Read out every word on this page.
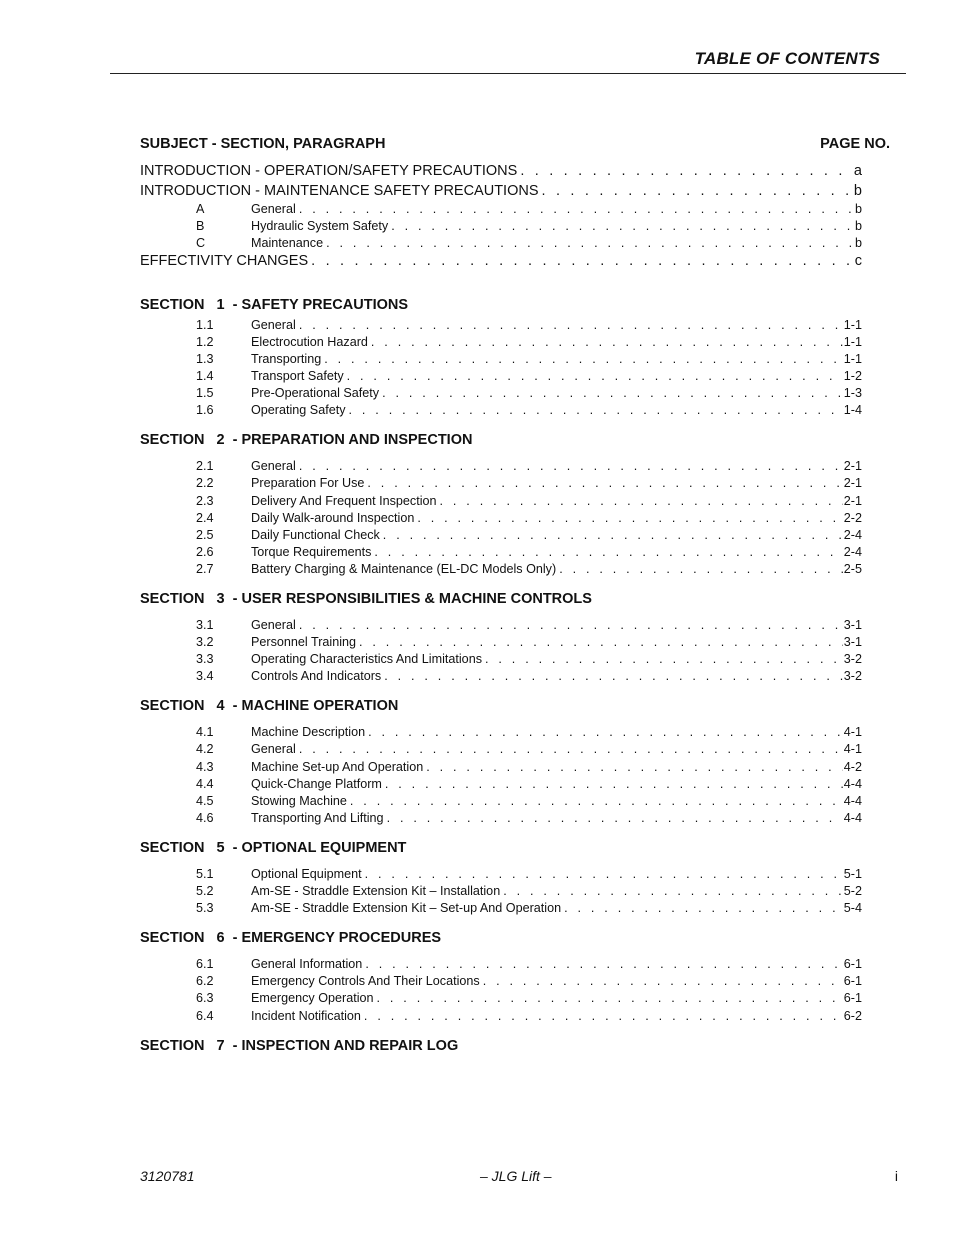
TABLE OF CONTENTS
SUBJECT - SECTION, PARAGRAPH	PAGE NO.
INTRODUCTION - OPERATION/SAFETY PRECAUTIONS . . .	a
INTRODUCTION - MAINTENANCE SAFETY PRECAUTIONS . . .	b
A	General . . .	b
B	Hydraulic System Safety . . .	b
C	Maintenance . . .	b
EFFECTIVITY CHANGES . . .	c
SECTION   1  - SAFETY PRECAUTIONS
1.1	General . . .	1-1
1.2	Electrocution Hazard . . .	1-1
1.3	Transporting . . .	1-1
1.4	Transport Safety . . .	1-2
1.5	Pre-Operational Safety . . .	1-3
1.6	Operating Safety . . .	1-4
SECTION   2  - PREPARATION AND INSPECTION
2.1	General . . .	2-1
2.2	Preparation For Use . . .	2-1
2.3	Delivery And Frequent Inspection . . .	2-1
2.4	Daily Walk-around Inspection . . .	2-2
2.5	Daily Functional Check . . .	2-4
2.6	Torque Requirements . . .	2-4
2.7	Battery Charging & Maintenance (EL-DC Models Only) . . .	2-5
SECTION   3  - USER RESPONSIBILITIES & MACHINE CONTROLS
3.1	General . . .	3-1
3.2	Personnel Training . . .	3-1
3.3	Operating Characteristics And Limitations . . .	3-2
3.4	Controls And Indicators . . .	3-2
SECTION   4  - MACHINE OPERATION
4.1	Machine Description . . .	4-1
4.2	General . . .	4-1
4.3	Machine Set-up And Operation . . .	4-2
4.4	Quick-Change Platform . . .	4-4
4.5	Stowing Machine . . .	4-4
4.6	Transporting And Lifting . . .	4-4
SECTION   5  - OPTIONAL EQUIPMENT
5.1	Optional Equipment . . .	5-1
5.2	Am-SE - Straddle Extension Kit – Installation . . .	5-2
5.3	Am-SE - Straddle Extension Kit – Set-up And Operation . . .	5-4
SECTION   6  - EMERGENCY PROCEDURES
6.1	General Information . . .	6-1
6.2	Emergency Controls And Their Locations . . .	6-1
6.3	Emergency Operation . . .	6-1
6.4	Incident Notification . . .	6-2
SECTION   7  - INSPECTION AND REPAIR LOG
3120781	– JLG Lift –	i
